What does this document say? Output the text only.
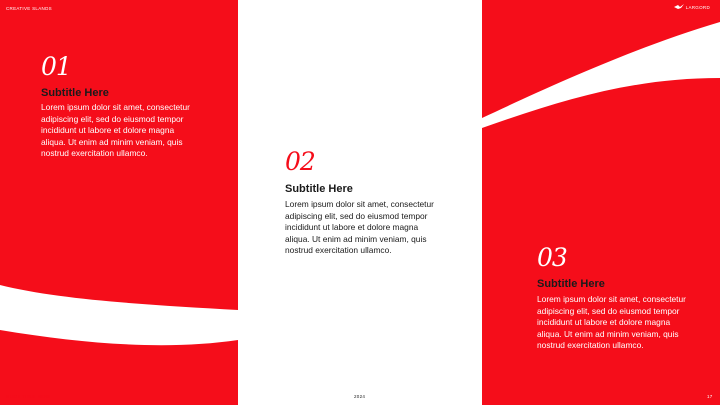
CREATIVE SLANDS	LARGORD
01
Subtitle Here
Lorem ipsum dolor sit amet, consectetur adipiscing elit, sed do eiusmod tempor incididunt ut labore et dolore magna aliqua. Ut enim ad minim veniam, quis nostrud exercitation ullamco.	02
Subtitle Here
Lorem ipsum dolor sit amet, consectetur adipiscing elit, sed do eiusmod tempor incididunt ut labore et dolore magna aliqua. Ut enim ad minim veniam, quis nostrud exercitation ullamco.	03
Subtitle Here
Lorem ipsum dolor sit amet, consectetur adipiscing elit, sed do eiusmod tempor incididunt ut labore et dolore magna aliqua. Ut enim ad minim veniam, quis nostrud exercitation ullamco.
SLIDE TITLE HERE	2024	17
